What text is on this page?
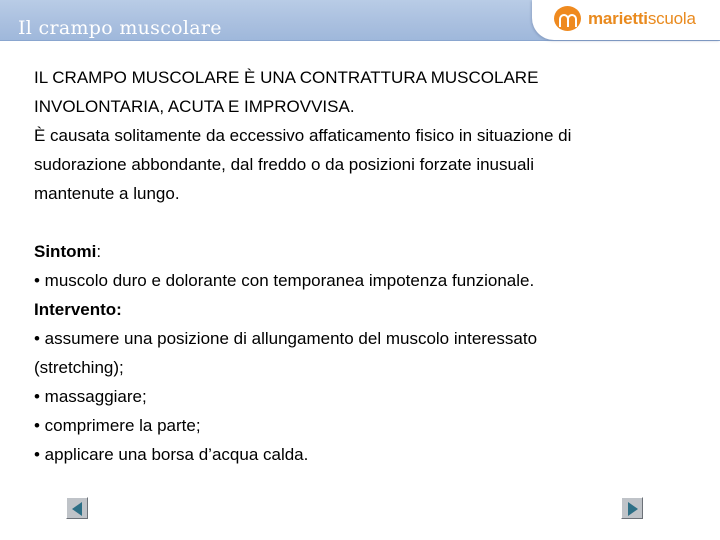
Il crampo muscolare	mariettiscuola

IL CRAMPO MUSCOLARE È UNA CONTRATTURA MUSCOLARE

INVOLONTARIA, ACUTA E IMPROVVISA.

È causata solitamente da eccessivo affaticamento fisico in situazione di

sudorazione abbondante, dal freddo o da posizioni forzate inusuali

mantenute a lungo.

Sintomi:

• muscolo duro e dolorante con temporanea impotenza funzionale.

Intervento:

• assumere una posizione di allungamento del muscolo interessato

(stretching);

• massaggiare;

• comprimere la parte;

• applicare una borsa d’acqua calda.
